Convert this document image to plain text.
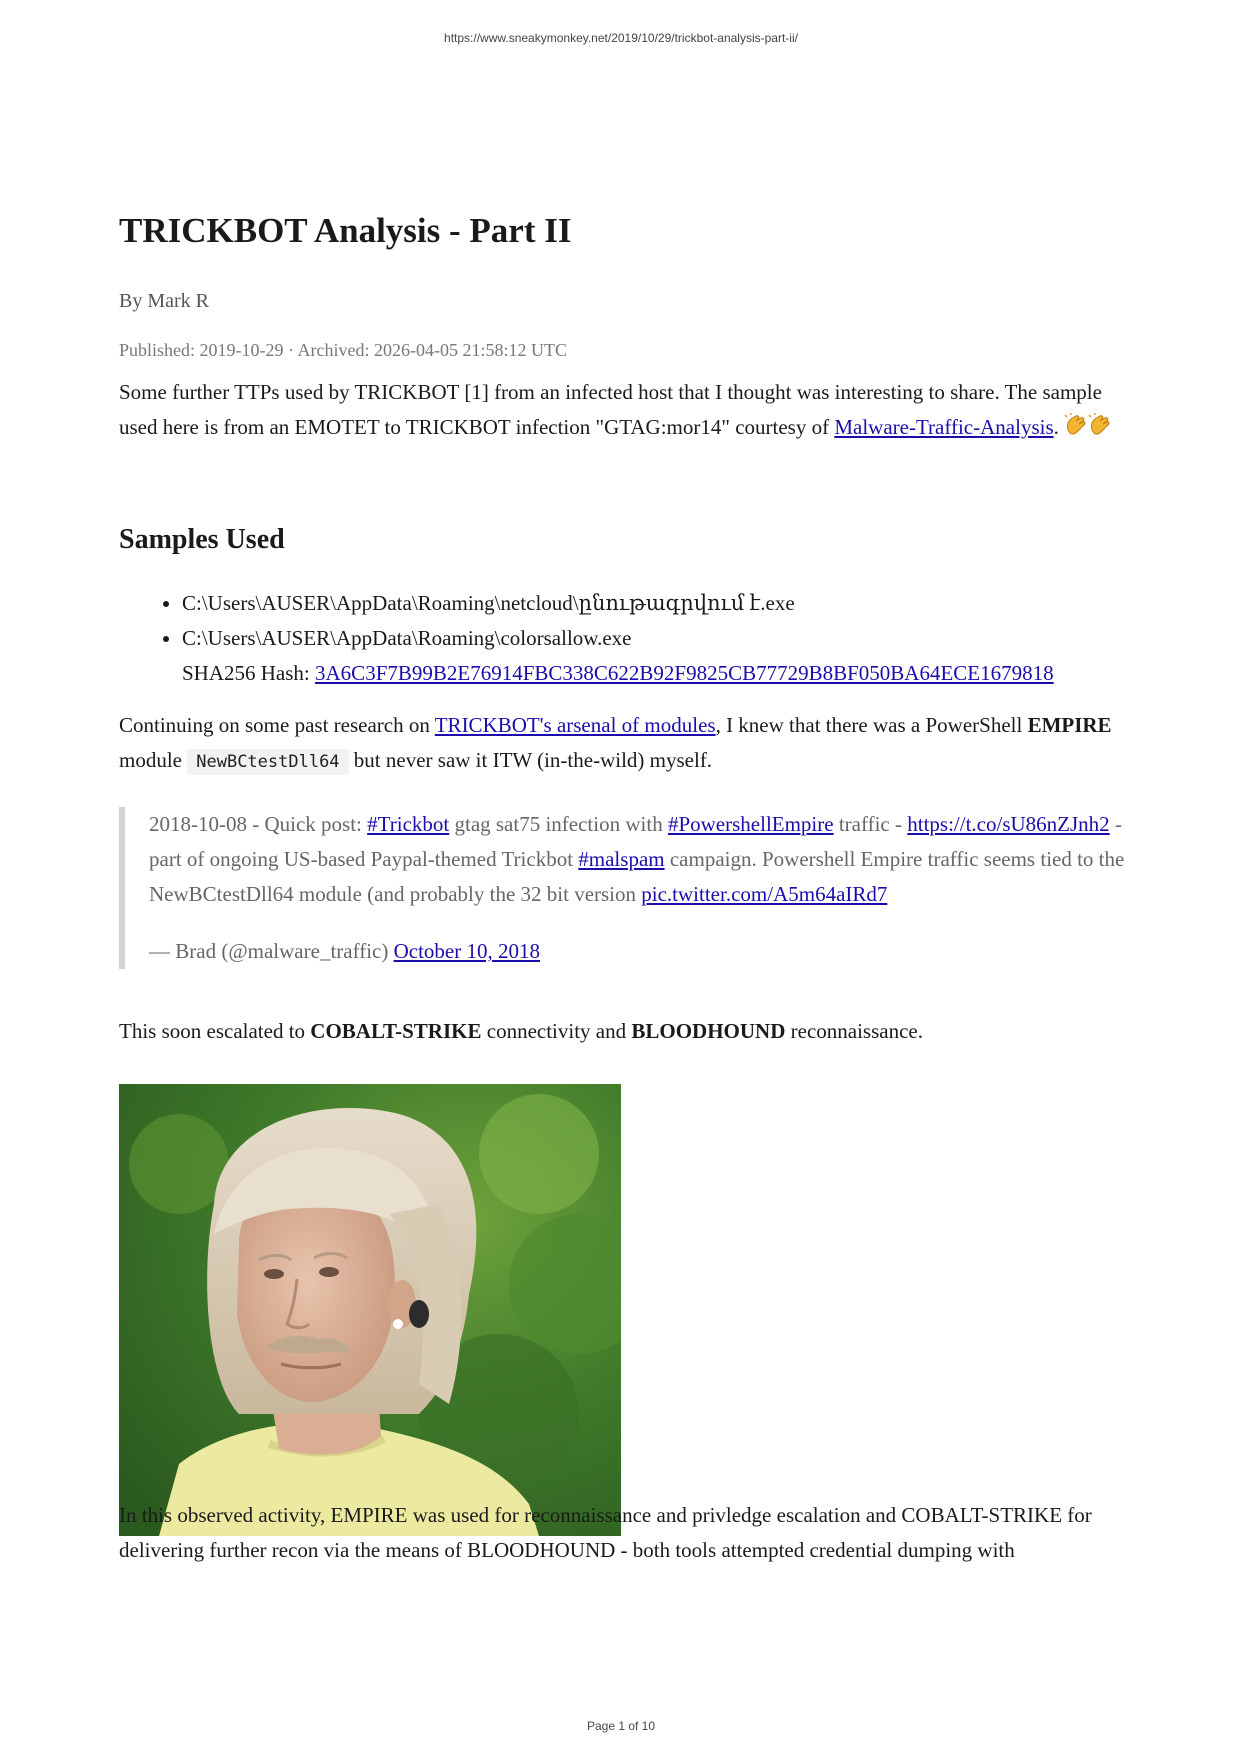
https://www.sneakymonkey.net/2019/10/29/trickbot-analysis-part-ii/
TRICKBOT Analysis - Part II
By Mark R
Published: 2019-10-29 · Archived: 2026-04-05 21:58:12 UTC

Some further TTPs used by TRICKBOT [1] from an infected host that I thought was interesting to share. The sample used here is from an EMOTET to TRICKBOT infection "GTAG:mor14" courtesy of Malware-Traffic-Analysis.

Samples Used
• C:\Users\AUSER\AppData\Roaming\netcloud\ընութագրվում է.exe
• C:\Users\AUSER\AppData\Roaming\colorsallow.exe
SHA256 Hash: 3A6C3F7B99B2E76914FBC338C622B92F9825CB77729B8BF050BA64ECE1679818

Continuing on some past research on TRICKBOT's arsenal of modules, I knew that there was a PowerShell EMPIRE module NewBCtestDll64 but never saw it ITW (in-the-wild) myself.

2018-10-08 - Quick post: #Trickbot gtag sat75 infection with #PowershellEmpire traffic - https://t.co/sU86nZJnh2 - part of ongoing US-based Paypal-themed Trickbot #malspam campaign. Powershell Empire traffic seems tied to the NewBCtestDll64 module (and probably the 32 bit version pic.twitter.com/A5m64aIRd7

— Brad (@malware_traffic) October 10, 2018

This soon escalated to COBALT-STRIKE connectivity and BLOODHOUND reconnaissance.

In this observed activity, EMPIRE was used for reconnaissance and privledge escalation and COBALT-STRIKE for delivering further recon via the means of BLOODHOUND - both tools attempted credential dumping with

Page 1 of 10
